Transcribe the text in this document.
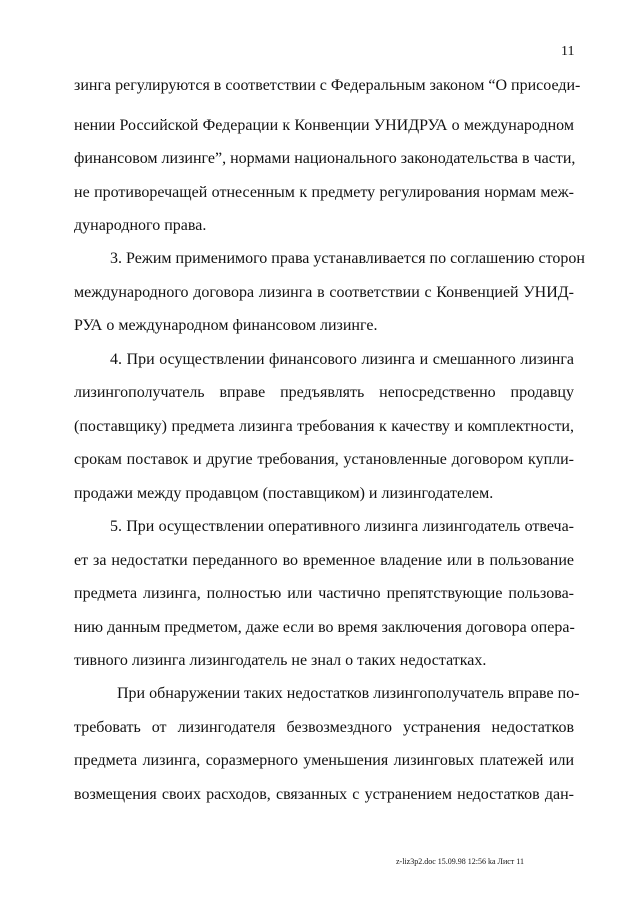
11
зинга регулируются в соответствии с Федеральным законом “О присоеди-
нении Российской Федерации к Конвенции УНИДРУА о международном
финансовом лизинге”, нормами национального законодательства в части,
не противоречащей отнесенным к предмету регулирования нормам меж-
дународного права.
3. Режим применимого права устанавливается по соглашению сторон
международного договора лизинга в соответствии с Конвенцией УНИД-
РУА о международном финансовом лизинге.
4. При осуществлении финансового лизинга и смешанного лизинга
лизингополучатель вправе предъявлять непосредственно продавцу
(поставщику) предмета лизинга требования к качеству и комплектности,
срокам поставок и другие требования, установленные договором купли-
продажи между продавцом (поставщиком) и лизингодателем.
5. При осуществлении оперативного лизинга лизингодатель отвеча-
ет за недостатки переданного во временное владение или в пользование
предмета лизинга, полностью или частично препятствующие пользова-
нию данным предметом, даже если во время заключения договора опера-
тивного лизинга лизингодатель не знал о таких недостатках.
При обнаружении таких недостатков лизингополучатель вправе по-
требовать от лизингодателя безвозмездного устранения недостатков
предмета лизинга, соразмерного уменьшения лизинговых платежей или
возмещения своих расходов, связанных с устранением недостатков дан-
z-liz3p2.doc 15.09.98 12:56 ka Лист 11
